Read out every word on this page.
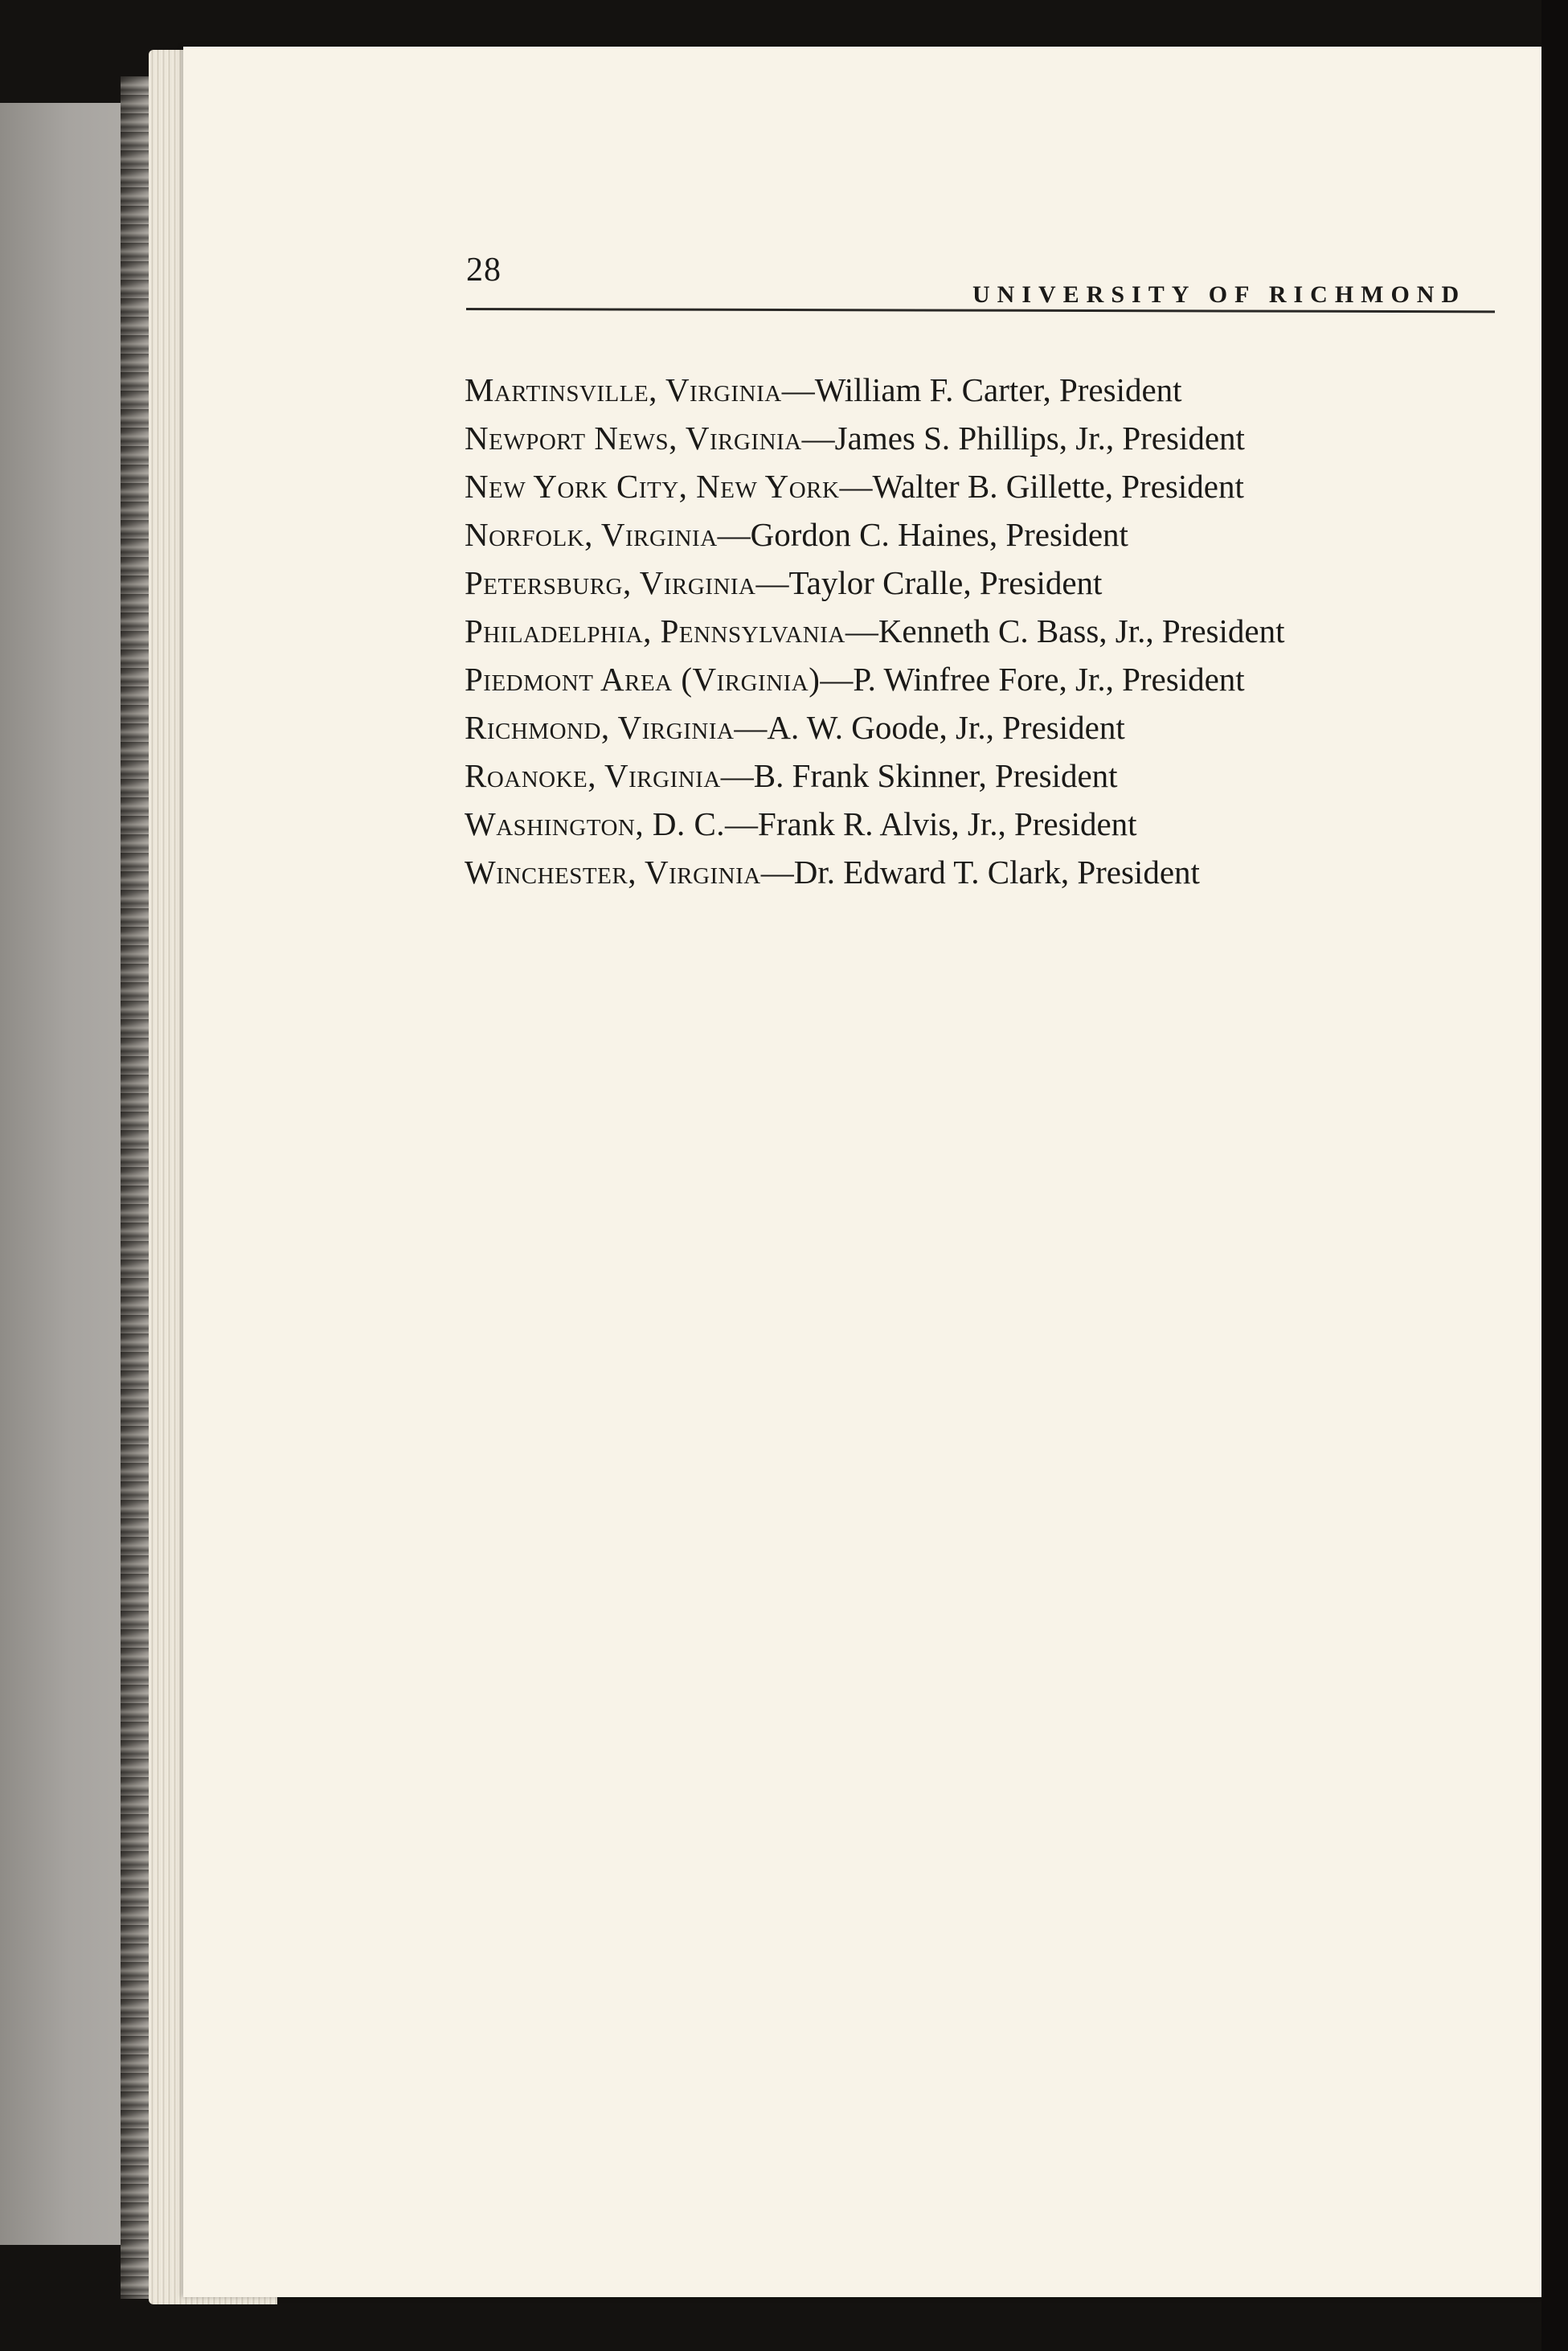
28
UNIVERSITY OF RICHMOND
Martinsville, Virginia—William F. Carter, President
Newport News, Virginia—James S. Phillips, Jr., President
New York City, New York—Walter B. Gillette, President
Norfolk, Virginia—Gordon C. Haines, President
Petersburg, Virginia—Taylor Cralle, President
Philadelphia, Pennsylvania—Kenneth C. Bass, Jr., President
Piedmont Area (Virginia)—P. Winfree Fore, Jr., President
Richmond, Virginia—A. W. Goode, Jr., President
Roanoke, Virginia—B. Frank Skinner, President
Washington, D. C.—Frank R. Alvis, Jr., President
Winchester, Virginia—Dr. Edward T. Clark, President
